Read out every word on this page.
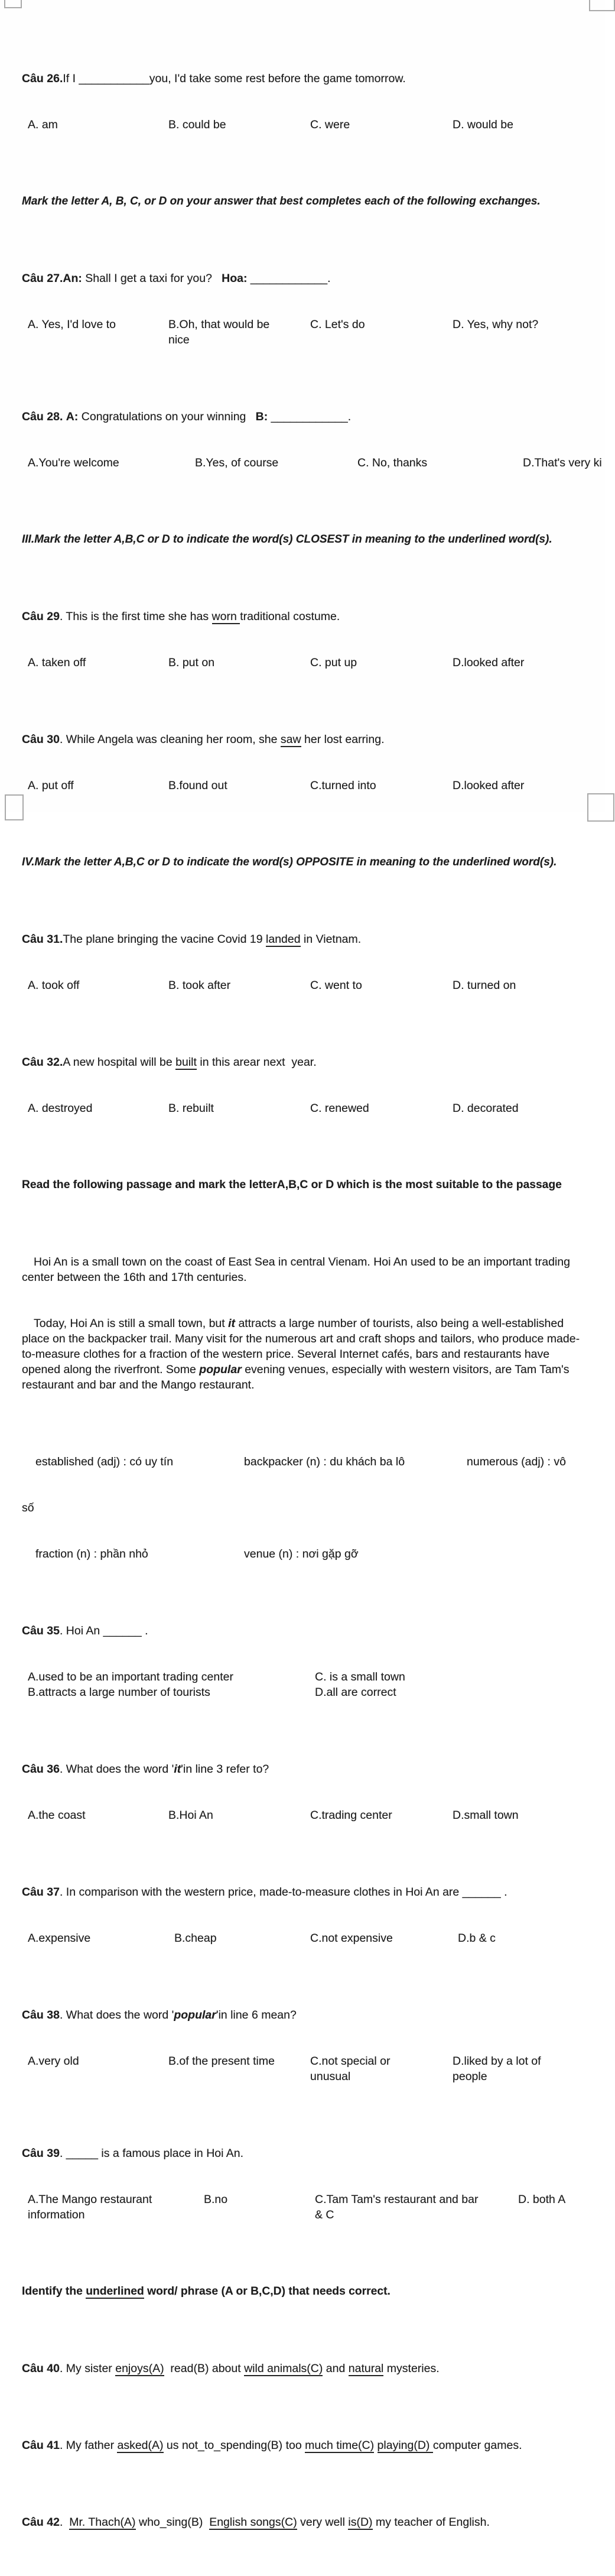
Câu 26.If I ___________you, I'd take some rest before the game tomorrow.

A. am	B. could be	C. were	D. would be

Mark the letter A, B, C, or D on your answer that best completes each of the following exchanges.

Câu 27.An: Shall I get a taxi for you?   Hoa: ____________.

A. Yes, I'd love to	B.Oh, that would be	C. Let's do	D. Yes, why not?
nice

Câu 28. A: Congratulations on your winning   B: ____________.

A.You're welcome	B.Yes, of course	C. No, thanks	D.That's very ki

III.Mark the letter A,B,C or D to indicate the word(s) CLOSEST in meaning to the underlined word(s).

Câu 29. This is the first time she has worn traditional costume.

A. taken off	B. put on	C. put up	D.looked after

Câu 30. While Angela was cleaning her room, she saw her lost earring.

A. put off	B.found out	C.turned into	D.looked after

IV.Mark the letter A,B,C or D to indicate the word(s) OPPOSITE in meaning to the underlined word(s).

Câu 31.The plane bringing the vacine Covid 19 landed in Vietnam.

A. took off	B. took after	C. went to	D. turned on

Câu 32.A new hospital will be built in this arear next  year.

A. destroyed	B. rebuilt	C. renewed	D. decorated

Read the following passage and mark the letterA,B,C or D which is the most suitable to the passage

Hoi An is a small town on the coast of East Sea in central Vienam. Hoi An used to be an important trading center between the 16th and 17th centuries.

Today, Hoi An is still a small town, but it attracts a large number of tourists, also being a well-established place on the backpacker trail. Many visit for the numerous art and craft shops and tailors, who produce made- to-measure clothes for a fraction of the western price. Several Internet cafés, bars and restaurants have opened along the riverfront. Some popular evening venues, especially with western visitors, are Tam Tam's restaurant and bar and the Mango restaurant.

established (adj) : có uy tín	backpacker (n) : du khách ba lô	numerous (adj) : vô

số

fraction (n) : phần nhỏ	venue (n) : nơi gặp gỡ

Câu 35. Hoi An ______ .

A.used to be an important trading center	C. is a small town
B.attracts a large number of tourists	D.all are correct

Câu 36. What does the word 'it'in line 3 refer to?

A.the coast	B.Hoi An	C.trading center	D.small town

Câu 37. In comparison with the western price, made-to-measure clothes in Hoi An are ______ .

A.expensive	B.cheap	C.not expensive	D.b & c

Câu 38. What does the word 'popular'in line 6 mean?

A.very old	B.of the present time	C.not special or	D.liked by a lot of
unusual	people

Câu 39. _____ is a famous place in Hoi An.

A.The Mango restaurant	B.no	C.Tam Tam's restaurant and bar	D. both A
information	& C

Identify the underlined word/ phrase (A or B,C,D) that needs correct.

Câu 40. My sister enjoys(A)  read(B) about wild animals(C) and natural mysteries.

Câu 41. My father asked(A) us not_to_spending(B) too much time(C) playing(D) computer games.

Câu 42.  Mr. Thach(A) who_sing(B)  English songs(C) very well is(D) my teacher of English.
